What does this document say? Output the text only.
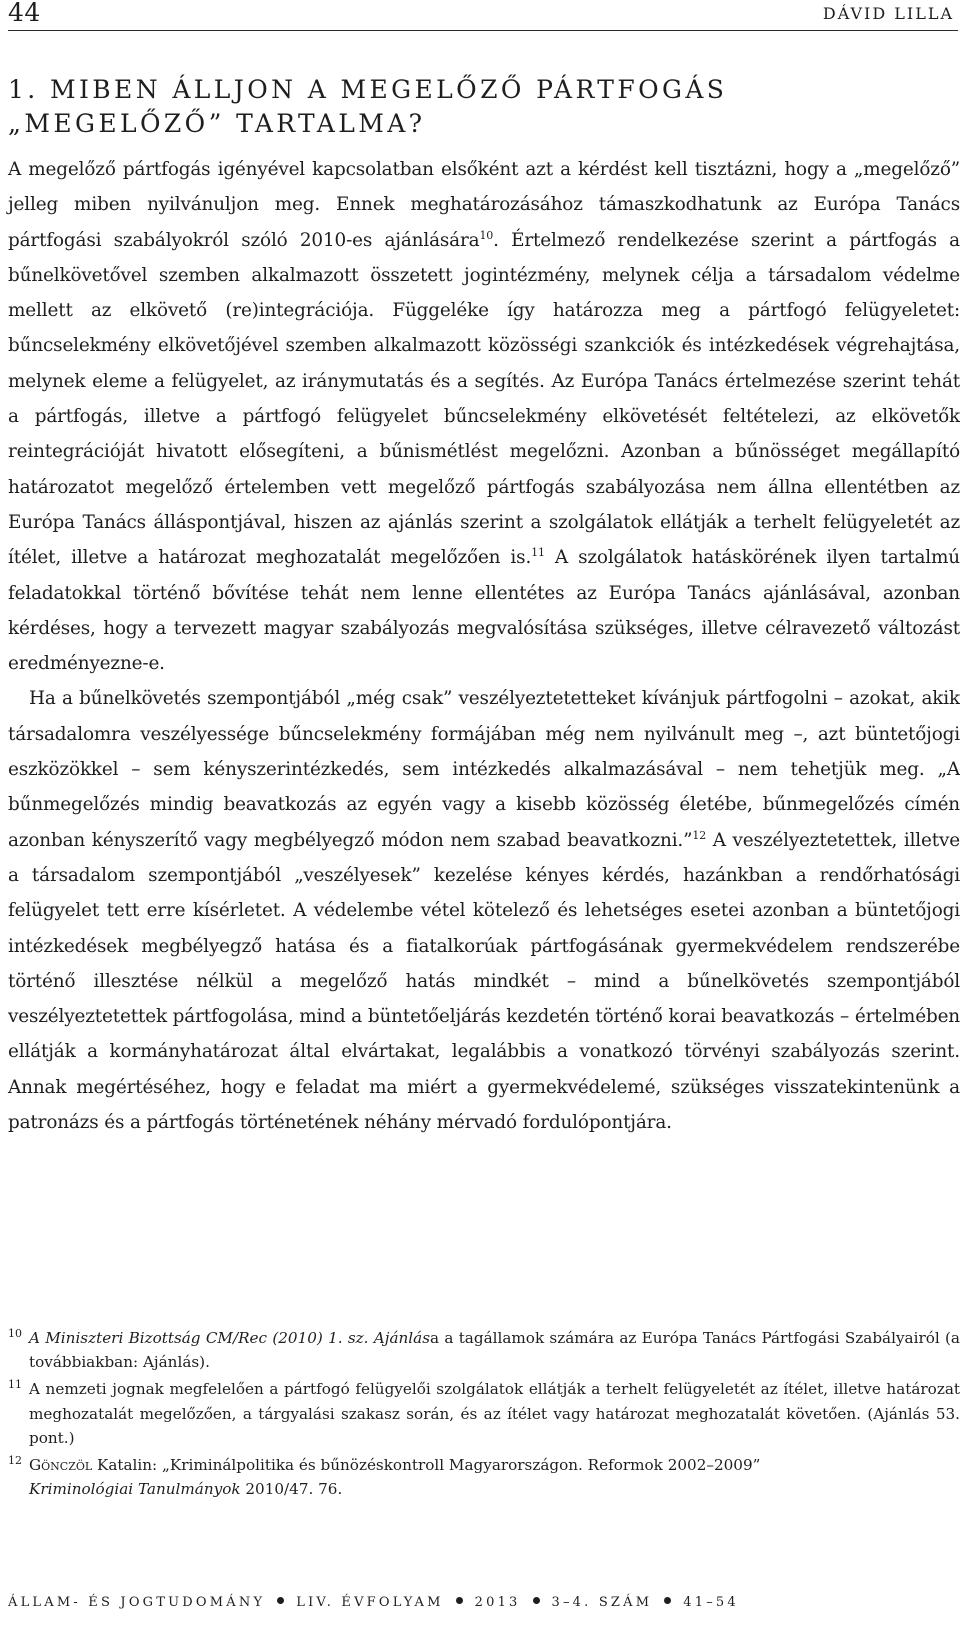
44	DÁVID LILLA
1. MIBEN ÁLLJON A MEGELŐZŐ PÁRTFOGÁS
„MEGELŐZŐ” TARTALMA?

A megelőző pártfogás igényével kapcsolatban elsőként azt a kérdést kell tisztázni, hogy a „megelőző” jelleg miben nyilvánuljon meg. Ennek meghatározásához támaszkodhatunk az Európa Tanács pártfogási szabályokról szóló 2010-es ajánlására$^{10}$. Értelmező rendelkezése szerint a pártfogás a bűnelkövetővel szemben alkalmazott összetett jogintézmény, melynek célja a társadalom védelme mellett az elkövető (re)integrációja. Függeléke így határozza meg a pártfogó felügyeletet: bűncselekmény elkövetőjével szemben alkalmazott közösségi szankciók és intézkedések végrehajtása, melynek eleme a felügyelet, az iránymutatás és a segítés. Az Európa Tanács értelmezése szerint tehát a pártfogás, illetve a pártfogó felügyelet bűncselekmény elkövetését feltételezi, az elkövetők reintegrációját hivatott elősegíteni, a bűnismétlést megelőzni. Azonban a bűnösséget megállapító határozatot megelőző értelemben vett megelőző pártfogás szabályozása nem állna ellentétben az Európa Tanács álláspontjával, hiszen az ajánlás szerint a szolgálatok ellátják a terhelt felügyeletét az ítélet, illetve a határozat meghozatalát megelőzően is.$^{11}$ A szolgálatok hatáskörének ilyen tartalmú feladatokkal történő bővítése tehát nem lenne ellentétes az Európa Tanács ajánlásával, azonban kérdéses, hogy a tervezett magyar szabályozás megvalósítása szükséges, illetve célravezető változást eredményezne-e.

Ha a bűnelkövetés szempontjából „még csak” veszélyeztetetteket kívánjuk pártfogolni – azokat, akik társadalomra veszélyessége bűncselekmény formájában még nem nyilvánult meg –, azt büntetőjogi eszközökkel – sem kényszerintézkedés, sem intézkedés alkalmazásával – nem tehetjük meg. „A bűnmegelőzés mindig beavatkozás az egyén vagy a kisebb közösség életébe, bűnmegelőzés címén azonban kényszerítő vagy megbélyegző módon nem szabad beavatkozni.”$^{12}$ A veszélyeztetettek, illetve a társadalom szempontjából „veszélyesek” kezelése kényes kérdés, hazánkban a rendőrhatósági felügyelet tett erre kísérletet. A védelembe vétel kötelező és lehetséges esetei azonban a büntetőjogi intézkedések megbélyegző hatása és a fiatalkorúak pártfogásának gyermekvédelem rendszerébe történő illesztése nélkül a megelőző hatás mindkét – mind a bűnelkövetés szempontjából veszélyeztetettek pártfogolása, mind a büntetőeljárás kezdetén történő korai beavatkozás – értelmében ellátják a kormányhatározat által elvártakat, legalábbis a vonatkozó törvényi szabályozás szerint. Annak megértéséhez, hogy e feladat ma miért a gyermekvédelemé, szükséges visszatekintenünk a patronázs és a pártfogás történetének néhány mérvadó fordulópontjára.

10 A Miniszteri Bizottság CM/Rec (2010) 1. sz. Ajánlása a tagállamok számára az Európa Tanács Pártfogási Szabályairól (a továbbiakban: Ajánlás).
11 A nemzeti jognak megfelelően a pártfogó felügyelői szolgálatok ellátják a terhelt felügyeletét az ítélet, illetve határozat meghozatalát megelőzően, a tárgyalási szakasz során, és az ítélet vagy határozat meghozatalát követően. (Ajánlás 53. pont.)
12 Gönczöl Katalin: „Kriminálpolitika és bűnözéskontroll Magyarországon. Reformok 2002–2009”
Kriminológiai Tanulmányok 2010/47. 76.
ÁLLAM- ÉS JOGTUDOMÁNY LIV. ÉVFOLYAM 2013 3–4. SZÁM 41–54
